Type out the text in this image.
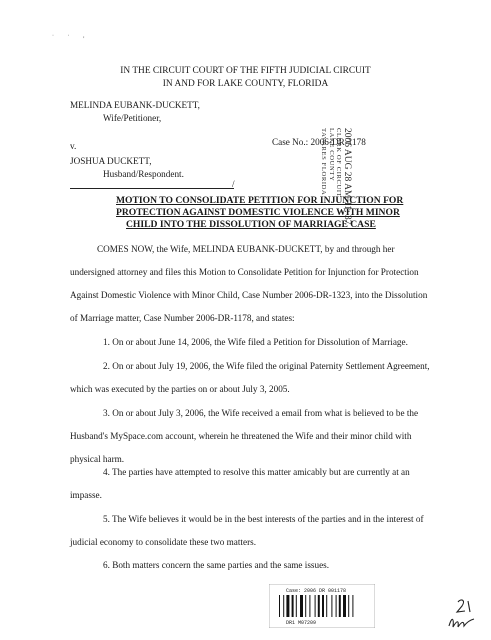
· · ,
IN THE CIRCUIT COURT OF THE FIFTH JUDICIAL CIRCUIT
IN AND FOR LAKE COUNTY, FLORIDA
MELINDA EUBANK-DUCKETT,
Wife/Petitioner,
v.	Case No.: 2006-DR-1178
JOSHUA DUCKETT,
Husband/Respondent.
/	2006 AUG 28 AM 11: 37
CLERK OF CIRCUIT
LAKE COUNTY
TAVARES FLORIDA
MOTION TO CONSOLIDATE PETITION FOR INJUNCTION FOR
PROTECTION AGAINST DOMESTIC VIOLENCE WITH MINOR
CHILD INTO THE DISSOLUTION OF MARRIAGE CASE
COMES NOW, the Wife, MELINDA EUBANK-DUCKETT, by and through her
undersigned attorney and files this Motion to Consolidate Petition for Injunction for Protection
Against Domestic Violence with Minor Child, Case Number 2006-DR-1323, into the Dissolution
of Marriage matter, Case Number 2006-DR-1178, and states:
1. On or about June 14, 2006, the Wife filed a Petition for Dissolution of Marriage.
2. On or about July 19, 2006, the Wife filed the original Paternity Settlement Agreement,
which was executed by the parties on or about July 3, 2005.
3. On or about July 3, 2006, the Wife received a email from what is believed to be the
Husband's MySpace.com account, wherein he threatened the Wife and their minor child with
physical harm.
4. The parties have attempted to resolve this matter amicably but are currently at an
impasse.
5. The Wife believes it would be in the best interests of the parties and in the interest of
judicial economy to consolidate these two matters.
6. Both matters concern the same parties and the same issues.
Case: 2006 DR 001178
DR1 M07209
